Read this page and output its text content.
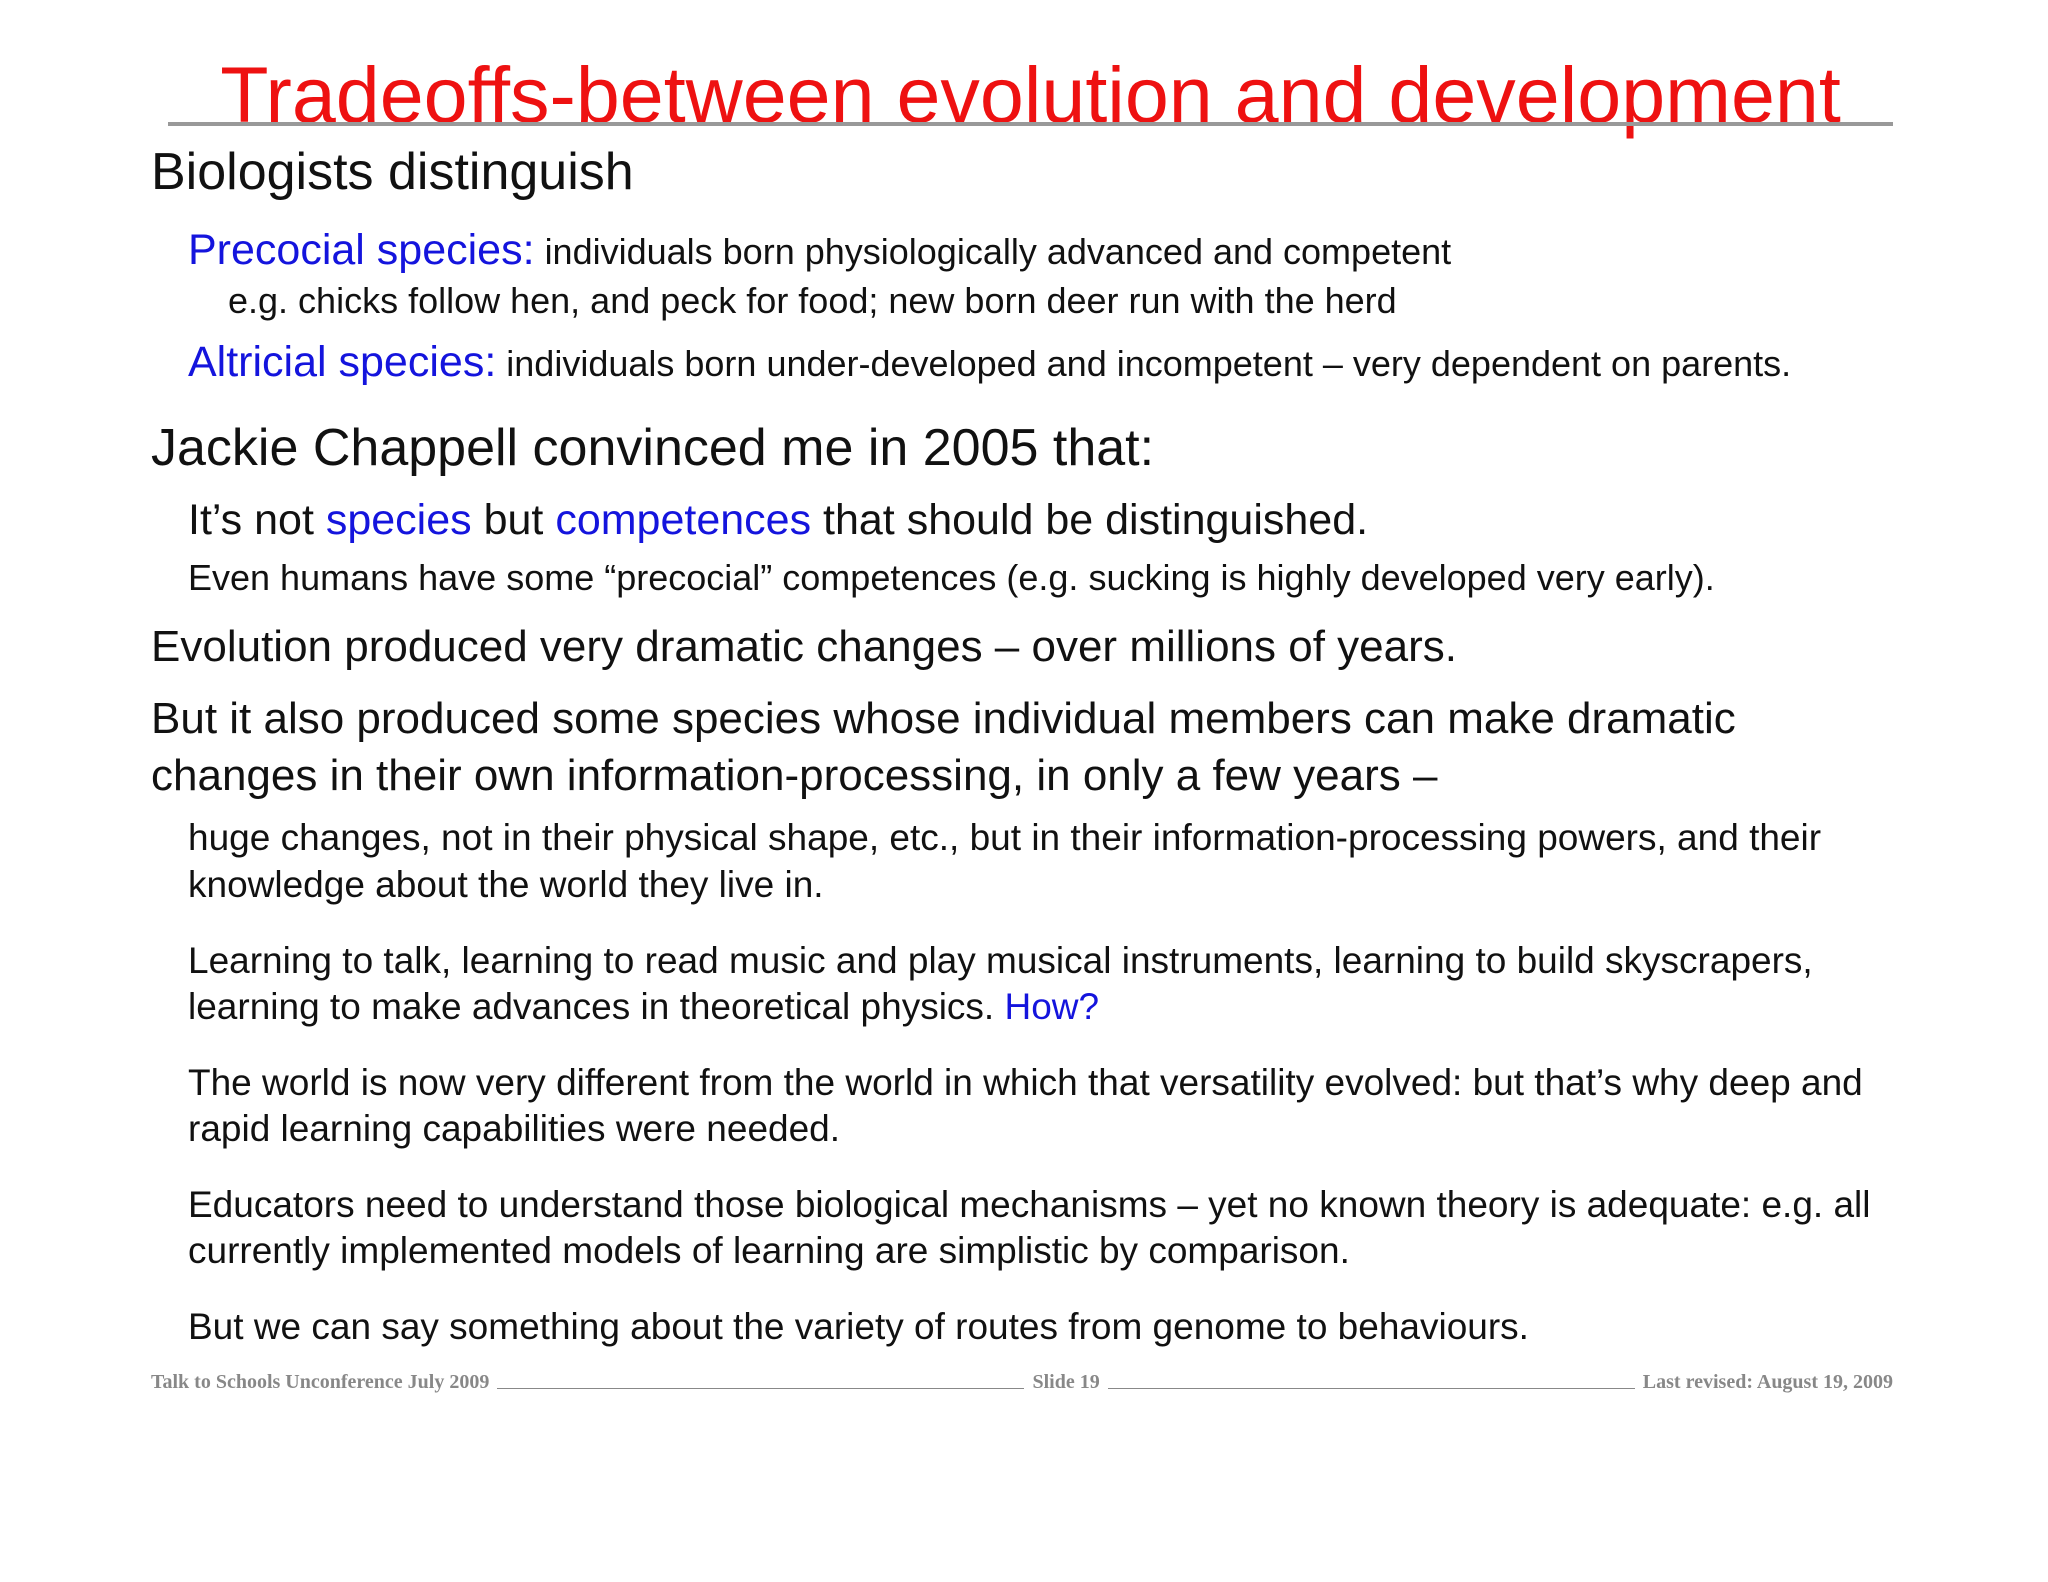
Tradeoffs-between evolution and development
Biologists distinguish
Precocial species: individuals born physiologically advanced and competent
e.g. chicks follow hen, and peck for food; new born deer run with the herd
Altricial species: individuals born under-developed and incompetent – very dependent on parents.
Jackie Chappell convinced me in 2005 that:
It’s not species but competences that should be distinguished.
Even humans have some “precocial” competences (e.g. sucking is highly developed very early).
Evolution produced very dramatic changes – over millions of years.
But it also produced some species whose individual members can make dramatic
changes in their own information-processing, in only a few years –
huge changes, not in their physical shape, etc., but in their information-processing powers, and their
knowledge about the world they live in.
Learning to talk, learning to read music and play musical instruments, learning to build skyscrapers,
learning to make advances in theoretical physics. How?
The world is now very different from the world in which that versatility evolved: but that’s why deep and
rapid learning capabilities were needed.
Educators need to understand those biological mechanisms – yet no known theory is adequate: e.g. all
currently implemented models of learning are simplistic by comparison.
But we can say something about the variety of routes from genome to behaviours.
Talk to Schools Unconference July 2009	Slide 19	Last revised: August 19, 2009
